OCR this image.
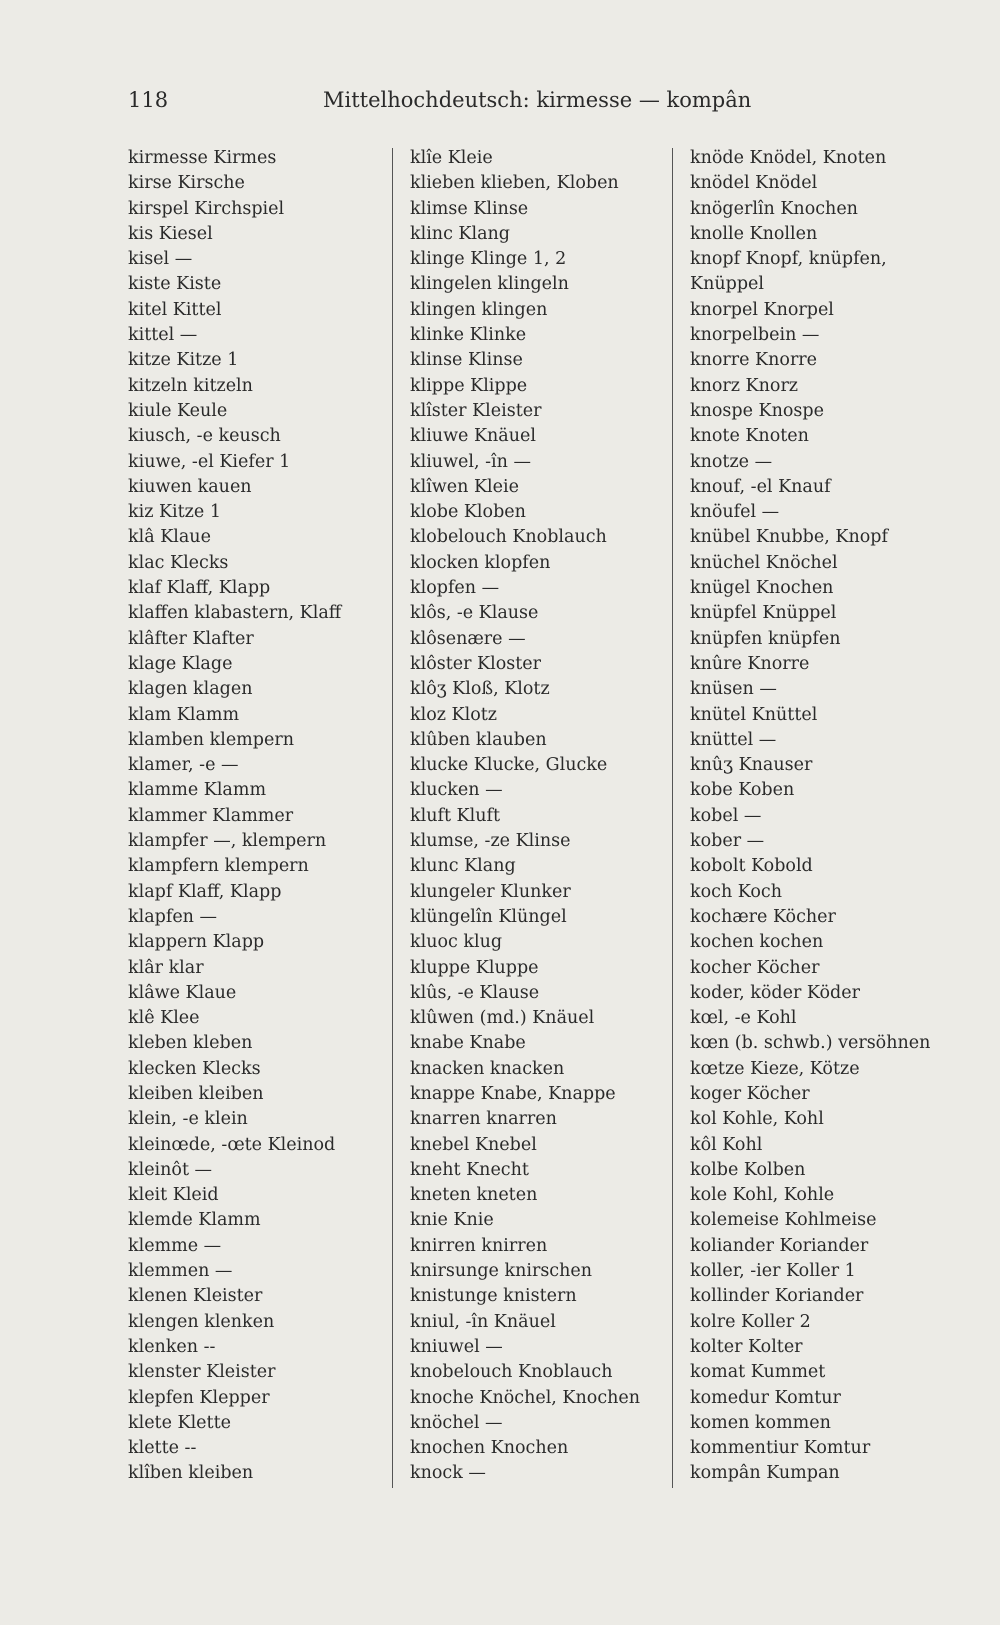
118	Mittelhochdeutsch: kirmesse — kompân
kirmesse Kirmes
kirse Kirsche
kirspel Kirchspiel
kis Kiesel
kisel —
kiste Kiste
kitel Kittel
kittel —
kitze Kitze 1
kitzeln kitzeln
kiule Keule
kiusch, -e keusch
kiuwe, -el Kiefer 1
kiuwen kauen
kiz Kitze 1
klâ Klaue
klac Klecks
klaf Klaff, Klapp
klaffen klabastern, Klaff
klâfter Klafter
klage Klage
klagen klagen
klam Klamm
klamben klempern
klamer, -e —
klamme Klamm
klammer Klammer
klampfer —, klempern
klampfern klempern
klapf Klaff, Klapp
klapfen —
klappern Klapp
klâr klar
klâwe Klaue
klê Klee
kleben kleben
klecken Klecks
kleiben kleiben
klein, -e klein
kleinœde, -œte Kleinod
kleinôt —
kleit Kleid
klemde Klamm
klemme —
klemmen —
klenen Kleister
klengen klenken
klenken --
klenster Kleister
klepfen Klepper
klete Klette
klette --
klîben kleiben
klîe Kleie
klieben klieben, Kloben
klimse Klinse
klinc Klang
klinge Klinge 1, 2
klingelen klingeln
klingen klingen
klinke Klinke
klinse Klinse
klippe Klippe
klîster Kleister
kliuwe Knäuel
kliuwel, -în —
klîwen Kleie
klobe Kloben
klobelouch Knoblauch
klocken klopfen
klopfen —
klôs, -e Klause
klôsenære —
klôster Kloster
klôʒ Kloß, Klotz
kloz Klotz
klûben klauben
klucke Klucke, Glucke
klucken —
kluft Kluft
klumse, -ze Klinse
klunc Klang
klungeler Klunker
klüngelîn Klüngel
kluoc klug
kluppe Kluppe
klûs, -e Klause
klûwen (md.) Knäuel
knabe Knabe
knacken knacken
knappe Knabe, Knappe
knarren knarren
knebel Knebel
kneht Knecht
kneten kneten
knie Knie
knirren knirren
knirsunge knirschen
knistunge knistern
kniul, -în Knäuel
kniuwel —
knobelouch Knoblauch
knoche Knöchel, Knochen
knöchel —
knochen Knochen
knock —
knöde Knödel, Knoten
knödel Knödel
knögerlîn Knochen
knolle Knollen
knopf Knopf, knüpfen,
Knüppel
knorpel Knorpel
knorpelbein —
knorre Knorre
knorz Knorz
knospe Knospe
knote Knoten
knotze —
knouf, -el Knauf
knöufel —
knübel Knubbe, Knopf
knüchel Knöchel
knügel Knochen
knüpfel Knüppel
knüpfen knüpfen
knûre Knorre
knüsen —
knütel Knüttel
knüttel —
knûʒ Knauser
kobe Koben
kobel —
kober —
kobolt Kobold
koch Koch
kochære Köcher
kochen kochen
kocher Köcher
koder, köder Köder
kœl, -e Kohl
kœn (b. schwb.) versöhnen
kœtze Kieze, Kötze
koger Köcher
kol Kohle, Kohl
kôl Kohl
kolbe Kolben
kole Kohl, Kohle
kolemeise Kohlmeise
koliander Koriander
koller, -ier Koller 1
kollinder Koriander
kolre Koller 2
kolter Kolter
komat Kummet
komedur Komtur
komen kommen
kommentiur Komtur
kompân Kumpan
